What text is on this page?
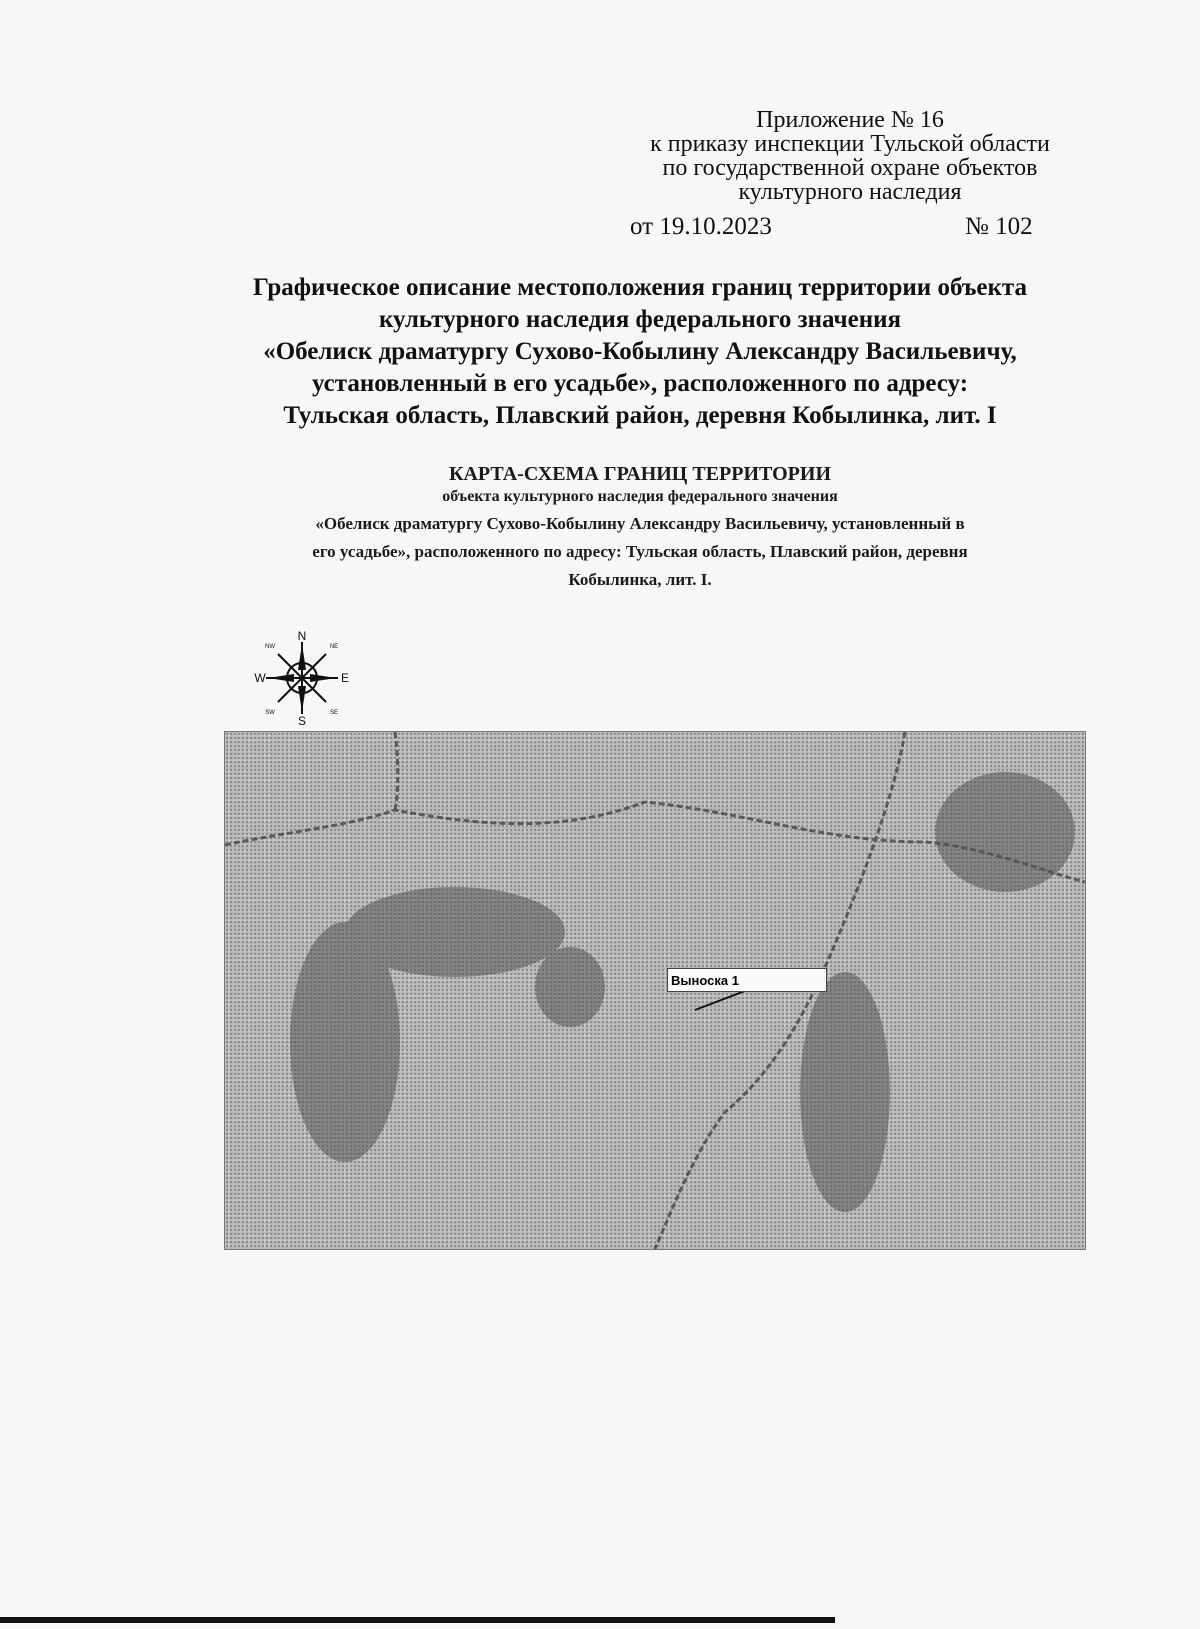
Приложение № 16
к приказу инспекции Тульской области
по государственной охране объектов
культурного наследия
от 19.10.2023	№ 102
Графическое описание местоположения границ территории объекта
культурного наследия федерального значения
«Обелиск драматургу Сухово-Кобылину Александру Васильевичу,
установленный в его усадьбе», расположенного по адресу:
Тульская область, Плавский район, деревня Кобылинка, лит. I
КАРТА-СХЕМА ГРАНИЦ ТЕРРИТОРИИ
объекта культурного наследия федерального значения
«Обелиск драматургу Сухово-Кобылину Александру Васильевичу, установленный в
его усадьбе», расположенного по адресу: Тульская область, Плавский район, деревня
Кобылинка, лит. I.
N
S
W	E
NW	NE
SW	SE
Выноска 1
